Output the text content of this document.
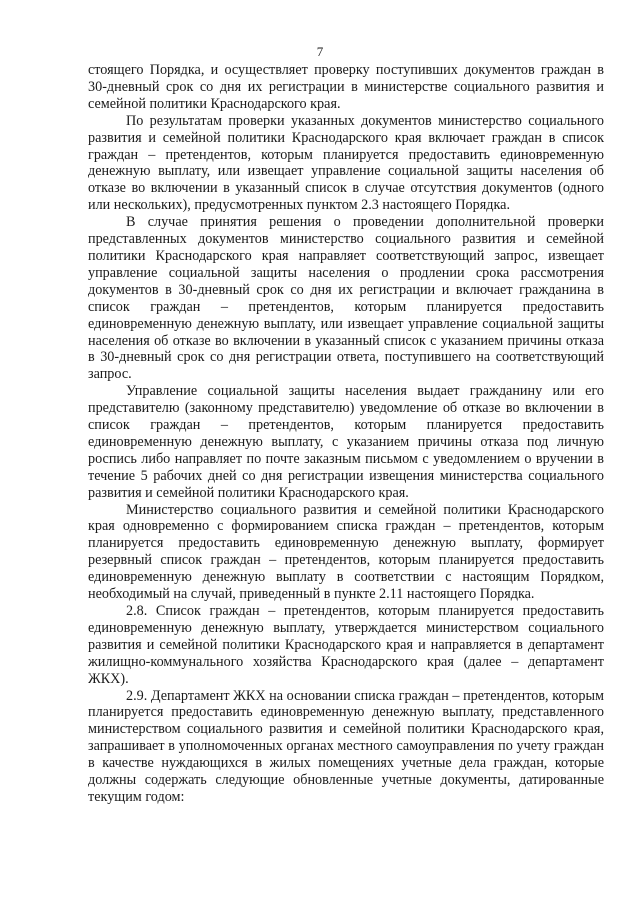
7

стоящего Порядка, и осуществляет проверку поступивших документов граждан в 30-дневный срок со дня их регистрации в министерстве социального развития и семейной политики Краснодарского края.

По результатам проверки указанных документов министерство социального развития и семейной политики Краснодарского края включает граждан в список граждан – претендентов, которым планируется предоставить единовременную денежную выплату, или извещает управление социальной защиты населения об отказе во включении в указанный список в случае отсутствия документов (одного или нескольких), предусмотренных пунктом 2.3 настоящего Порядка.

В случае принятия решения о проведении дополнительной проверки представленных документов министерство социального развития и семейной политики Краснодарского края направляет соответствующий запрос, извещает управление социальной защиты населения о продлении срока рассмотрения документов в 30-дневный срок со дня их регистрации и включает гражданина в список граждан – претендентов, которым планируется предоставить единовременную денежную выплату, или извещает управление социальной защиты населения об отказе во включении в указанный список с указанием причины отказа в 30-дневный срок со дня регистрации ответа, поступившего на соответствующий запрос.

Управление социальной защиты населения выдает гражданину или его представителю (законному представителю) уведомление об отказе во включении в список граждан – претендентов, которым планируется предоставить единовременную денежную выплату, с указанием причины отказа под личную роспись либо направляет по почте заказным письмом с уведомлением о вручении в течение 5 рабочих дней со дня регистрации извещения министерства социального развития и семейной политики Краснодарского края.

Министерство социального развития и семейной политики Краснодарского края одновременно с формированием списка граждан – претендентов, которым планируется предоставить единовременную денежную выплату, формирует резервный список граждан – претендентов, которым планируется предоставить единовременную денежную выплату в соответствии с настоящим Порядком, необходимый на случай, приведенный в пункте 2.11 настоящего Порядка.

2.8. Список граждан – претендентов, которым планируется предоставить единовременную денежную выплату, утверждается министерством социального развития и семейной политики Краснодарского края и направляется в департамент жилищно-коммунального хозяйства Краснодарского края (далее – департамент ЖКХ).

2.9. Департамент ЖКХ на основании списка граждан – претендентов, которым планируется предоставить единовременную денежную выплату, представленного министерством социального развития и семейной политики Краснодарского края, запрашивает в уполномоченных органах местного самоуправления по учету граждан в качестве нуждающихся в жилых помещениях учетные дела граждан, которые должны содержать следующие обновленные учетные документы, датированные текущим годом:
